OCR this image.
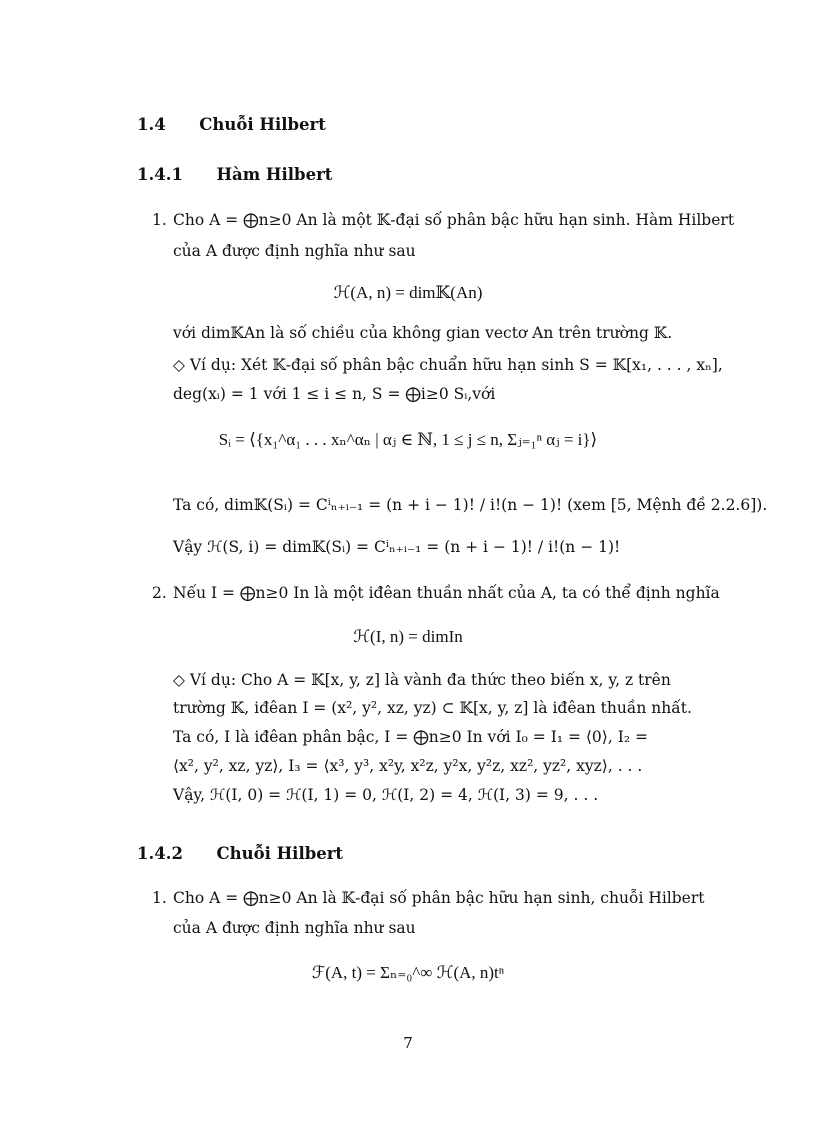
1.4 Chuỗi Hilbert
1.4.1 Hàm Hilbert
1. Cho A = ⨁n≥0 An là một 𝕂-đại số phân bậc hữu hạn sinh. Hàm Hilbert
của A được định nghĩa như sau
ℋ(A, n) = dim𝕂(An)
với dim𝕂An là số chiều của không gian vectơ An trên trường 𝕂.
◇ Ví dụ: Xét 𝕂-đại số phân bậc chuẩn hữu hạn sinh S = 𝕂[x₁, . . . , xₙ],
deg(xᵢ) = 1 với 1 ≤ i ≤ n, S = ⨁i≥0 Sᵢ,với
Sᵢ = ⟨{x₁^α₁ . . . xₙ^αₙ | αⱼ ∈ ℕ, 1 ≤ j ≤ n, Σⱼ₌₁ⁿ αⱼ = i}⟩
Ta có, dim𝕂(Sᵢ) = Cⁱₙ₊ᵢ₋₁ = (n + i − 1)! / i!(n − 1)! (xem [5, Mệnh đề 2.2.6]).
Vậy ℋ(S, i) = dim𝕂(Sᵢ) = Cⁱₙ₊ᵢ₋₁ = (n + i − 1)! / i!(n − 1)!
2. Nếu I = ⨁n≥0 In là một iđêan thuần nhất của A, ta có thể định nghĩa
ℋ(I, n) = dimIn
◇ Ví dụ: Cho A = 𝕂[x, y, z] là vành đa thức theo biến x, y, z trên
trường 𝕂, iđêan I = (x², y², xz, yz) ⊂ 𝕂[x, y, z] là iđêan thuần nhất.
Ta có, I là iđêan phân bậc, I = ⨁n≥0 In với I₀ = I₁ = ⟨0⟩, I₂ =
⟨x², y², xz, yz⟩, I₃ = ⟨x³, y³, x²y, x²z, y²x, y²z, xz², yz², xyz⟩, . . .
Vậy, ℋ(I, 0) = ℋ(I, 1) = 0, ℋ(I, 2) = 4, ℋ(I, 3) = 9, . . .
1.4.2 Chuỗi Hilbert
1. Cho A = ⨁n≥0 An là 𝕂-đại số phân bậc hữu hạn sinh, chuỗi Hilbert
của A được định nghĩa như sau
ℱ(A, t) = Σₙ₌₀^∞ ℋ(A, n)tⁿ
7
